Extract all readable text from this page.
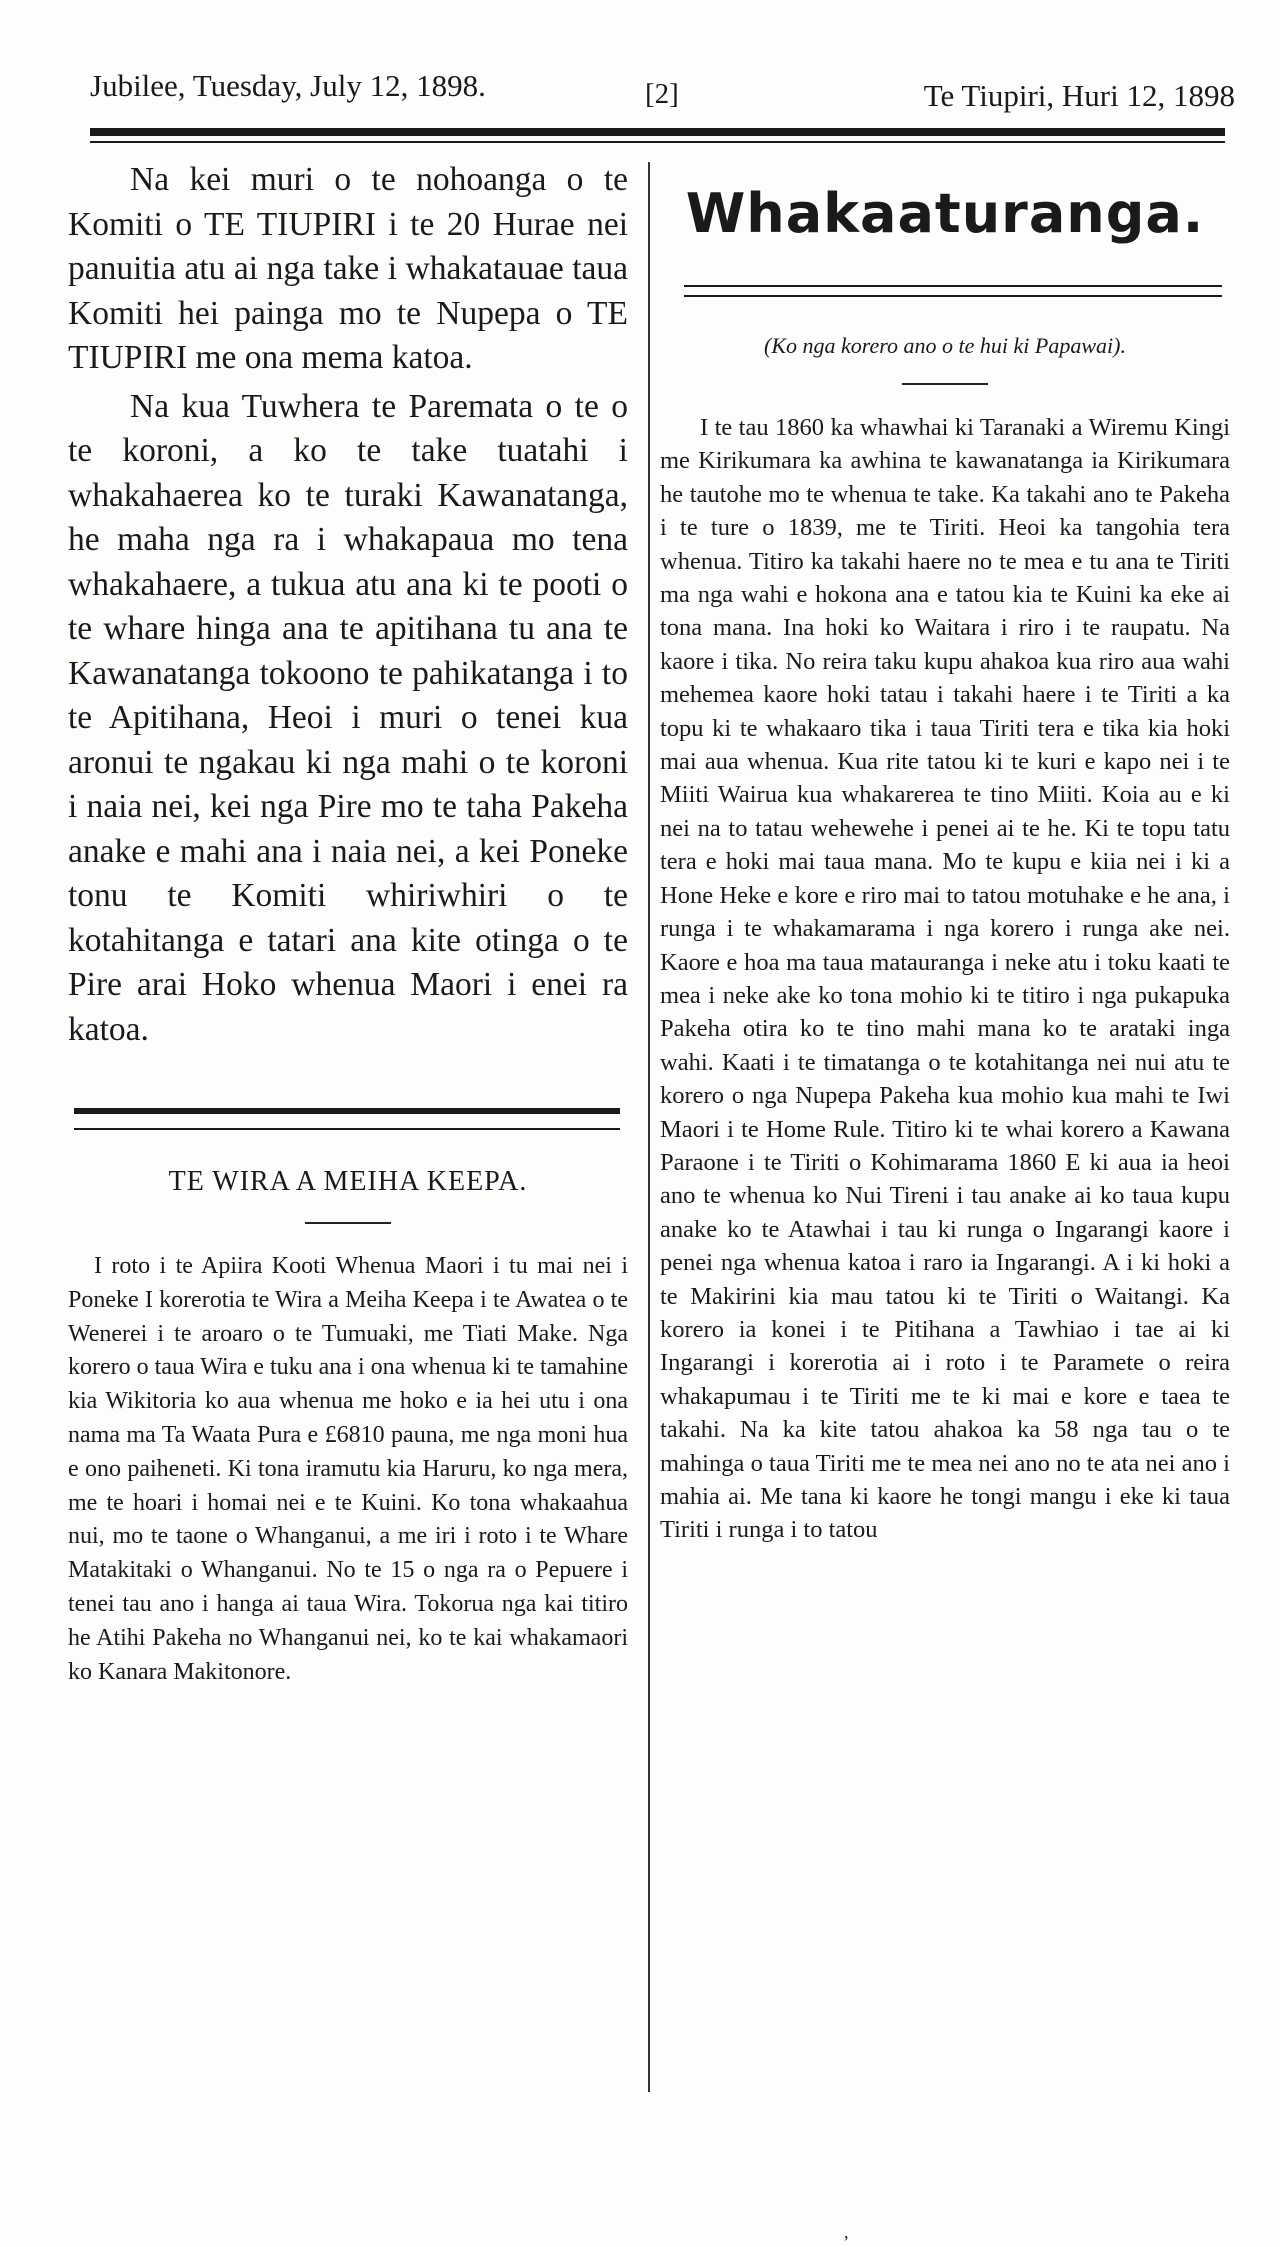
Jubilee, Tuesday, July 12, 1898.	[2]	Te Tiupiri, Huri 12, 1898

Na kei muri o te nohoanga o te Komiti o TE TIUPIRI i te 20 Hurae nei panuitia atu ai nga take i whakatauae taua Komiti hei painga mo te Nupepa o TE TIUPIRI me ona mema katoa.

Na kua Tuwhera te Paremata o te o te koroni, a ko te take tuatahi i whakahaerea ko te turaki Kawanatanga, he maha nga ra i whakapaua mo tena whakahaere, a tukua atu ana ki te pooti o te whare hinga ana te apitihana tu ana te Kawanatanga tokoono te pahikatanga i to te Apitihana, Heoi i muri o tenei kua aronui te ngakau ki nga mahi o te koroni i naia nei, kei nga Pire mo te taha Pakeha anake e mahi ana i naia nei, a kei Poneke tonu te Komiti whiriwhiri o te kotahitanga e tatari ana kite otinga o te Pire arai Hoko whenua Maori i enei ra katoa.

TE WIRA A MEIHA KEEPA.

I roto i te Apiira Kooti Whenua Maori i tu mai nei i Poneke I korerotia te Wira a Meiha Keepa i te Awatea o te Wenerei i te aroaro o te Tumuaki, me Tiati Make. Nga korero o taua Wira e tuku ana i ona whenua ki te tamahine kia Wikitoria ko aua whenua me hoko e ia hei utu i ona nama ma Ta Waata Pura e £6810 pauna, me nga moni hua e ono paiheneti. Ki tona iramutu kia Haruru, ko nga mera, me te hoari i homai nei e te Kuini. Ko tona whakaahua nui, mo te taone o Whanganui, a me iri i roto i te Whare Matakitaki o Whanganui. No te 15 o nga ra o Pepuere i tenei tau ano i hanga ai taua Wira. Tokorua nga kai titiro he Atihi Pakeha no Whanganui nei, ko te kai whakamaori ko Kanara Makitonore.

Whakaaturanga.
(Ko nga korero ano o te hui ki Papawai).

I te tau 1860 ka whawhai ki Taranaki a Wiremu Kingi me Kirikumara ka awhina te kawanatanga ia Kirikumara he tautohe mo te whenua te take. Ka takahi ano te Pakeha i te ture o 1839, me te Tiriti. Heoi ka tangohia tera whenua. Titiro ka takahi haere no te mea e tu ana te Tiriti ma nga wahi e hokona ana e tatou kia te Kuini ka eke ai tona mana. Ina hoki ko Waitara i riro i te raupatu. Na kaore i tika. No reira taku kupu ahakoa kua riro aua wahi mehemea kaore hoki tatau i takahi haere i te Tiriti a ka topu ki te whakaaro tika i taua Tiriti tera e tika kia hoki mai aua whenua. Kua rite tatou ki te kuri e kapo nei i te Miiti Wairua kua whakarerea te tino Miiti. Koia au e ki nei na to tatau wehewehe i penei ai te he. Ki te topu tatu tera e hoki mai taua mana. Mo te kupu e kiia nei i ki a Hone Heke e kore e riro mai to tatou motuhake e he ana, i runga i te whakamarama i nga korero i runga ake nei. Kaore e hoa ma taua matauranga i neke atu i toku kaati te mea i neke ake ko tona mohio ki te titiro i nga pukapuka Pakeha otira ko te tino mahi mana ko te arataki inga wahi. Kaati i te timatanga o te kotahitanga nei nui atu te korero o nga Nupepa Pakeha kua mohio kua mahi te Iwi Maori i te Home Rule. Titiro ki te whai korero a Kawana Paraone i te Tiriti o Kohimarama 1860 E ki aua ia heoi ano te whenua ko Nui Tireni i tau anake ai ko taua kupu anake ko te Atawhai i tau ki runga o Ingarangi kaore i penei nga whenua katoa i raro ia Ingarangi. A i ki hoki a te Makirini kia mau tatou ki te Tiriti o Waitangi. Ka korero ia konei i te Pitihana a Tawhiao i tae ai ki Ingarangi i korerotia ai i roto i te Paramete o reira whakapumau i te Tiriti me te ki mai e kore e taea te takahi. Na ka kite tatou ahakoa ka 58 nga tau o te mahinga o taua Tiriti me te mea nei ano no te ata nei ano i mahia ai. Me tana ki kaore he tongi mangu i eke ki taua Tiriti i runga i to tatou

,
